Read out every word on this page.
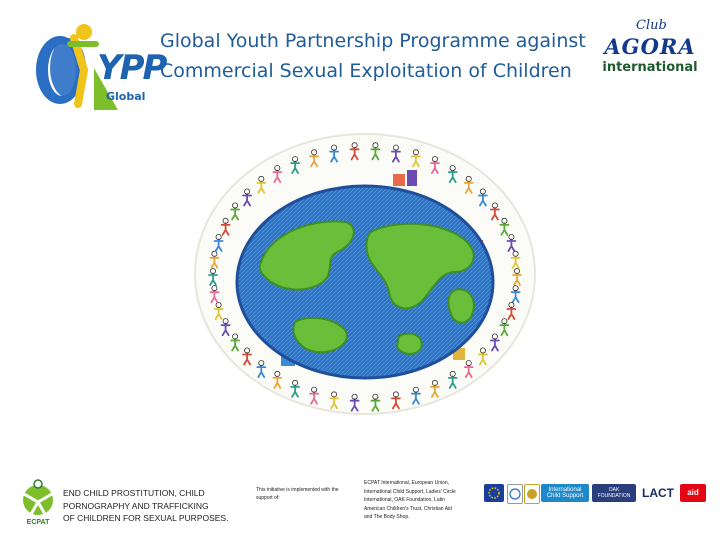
Global Youth Partnership Programme against
Commercial Sexual Exploitation of Children
YPP
Global
Club
AGORA
international
ECPAT
END CHILD PROSTITUTION, CHILD
PORNOGRAPHY AND TRAFFICKING
OF CHILDREN FOR SEXUAL PURPOSES.
This initiative is implemented with the
support of:
ECPAT International, European Union,
International Child Support, Ladies' Circle
International, OAK Foundation, Latin
American Children's Trust, Christian Aid
and The Body Shop.
International Child Support
OAK FOUNDATION LACT	aid
